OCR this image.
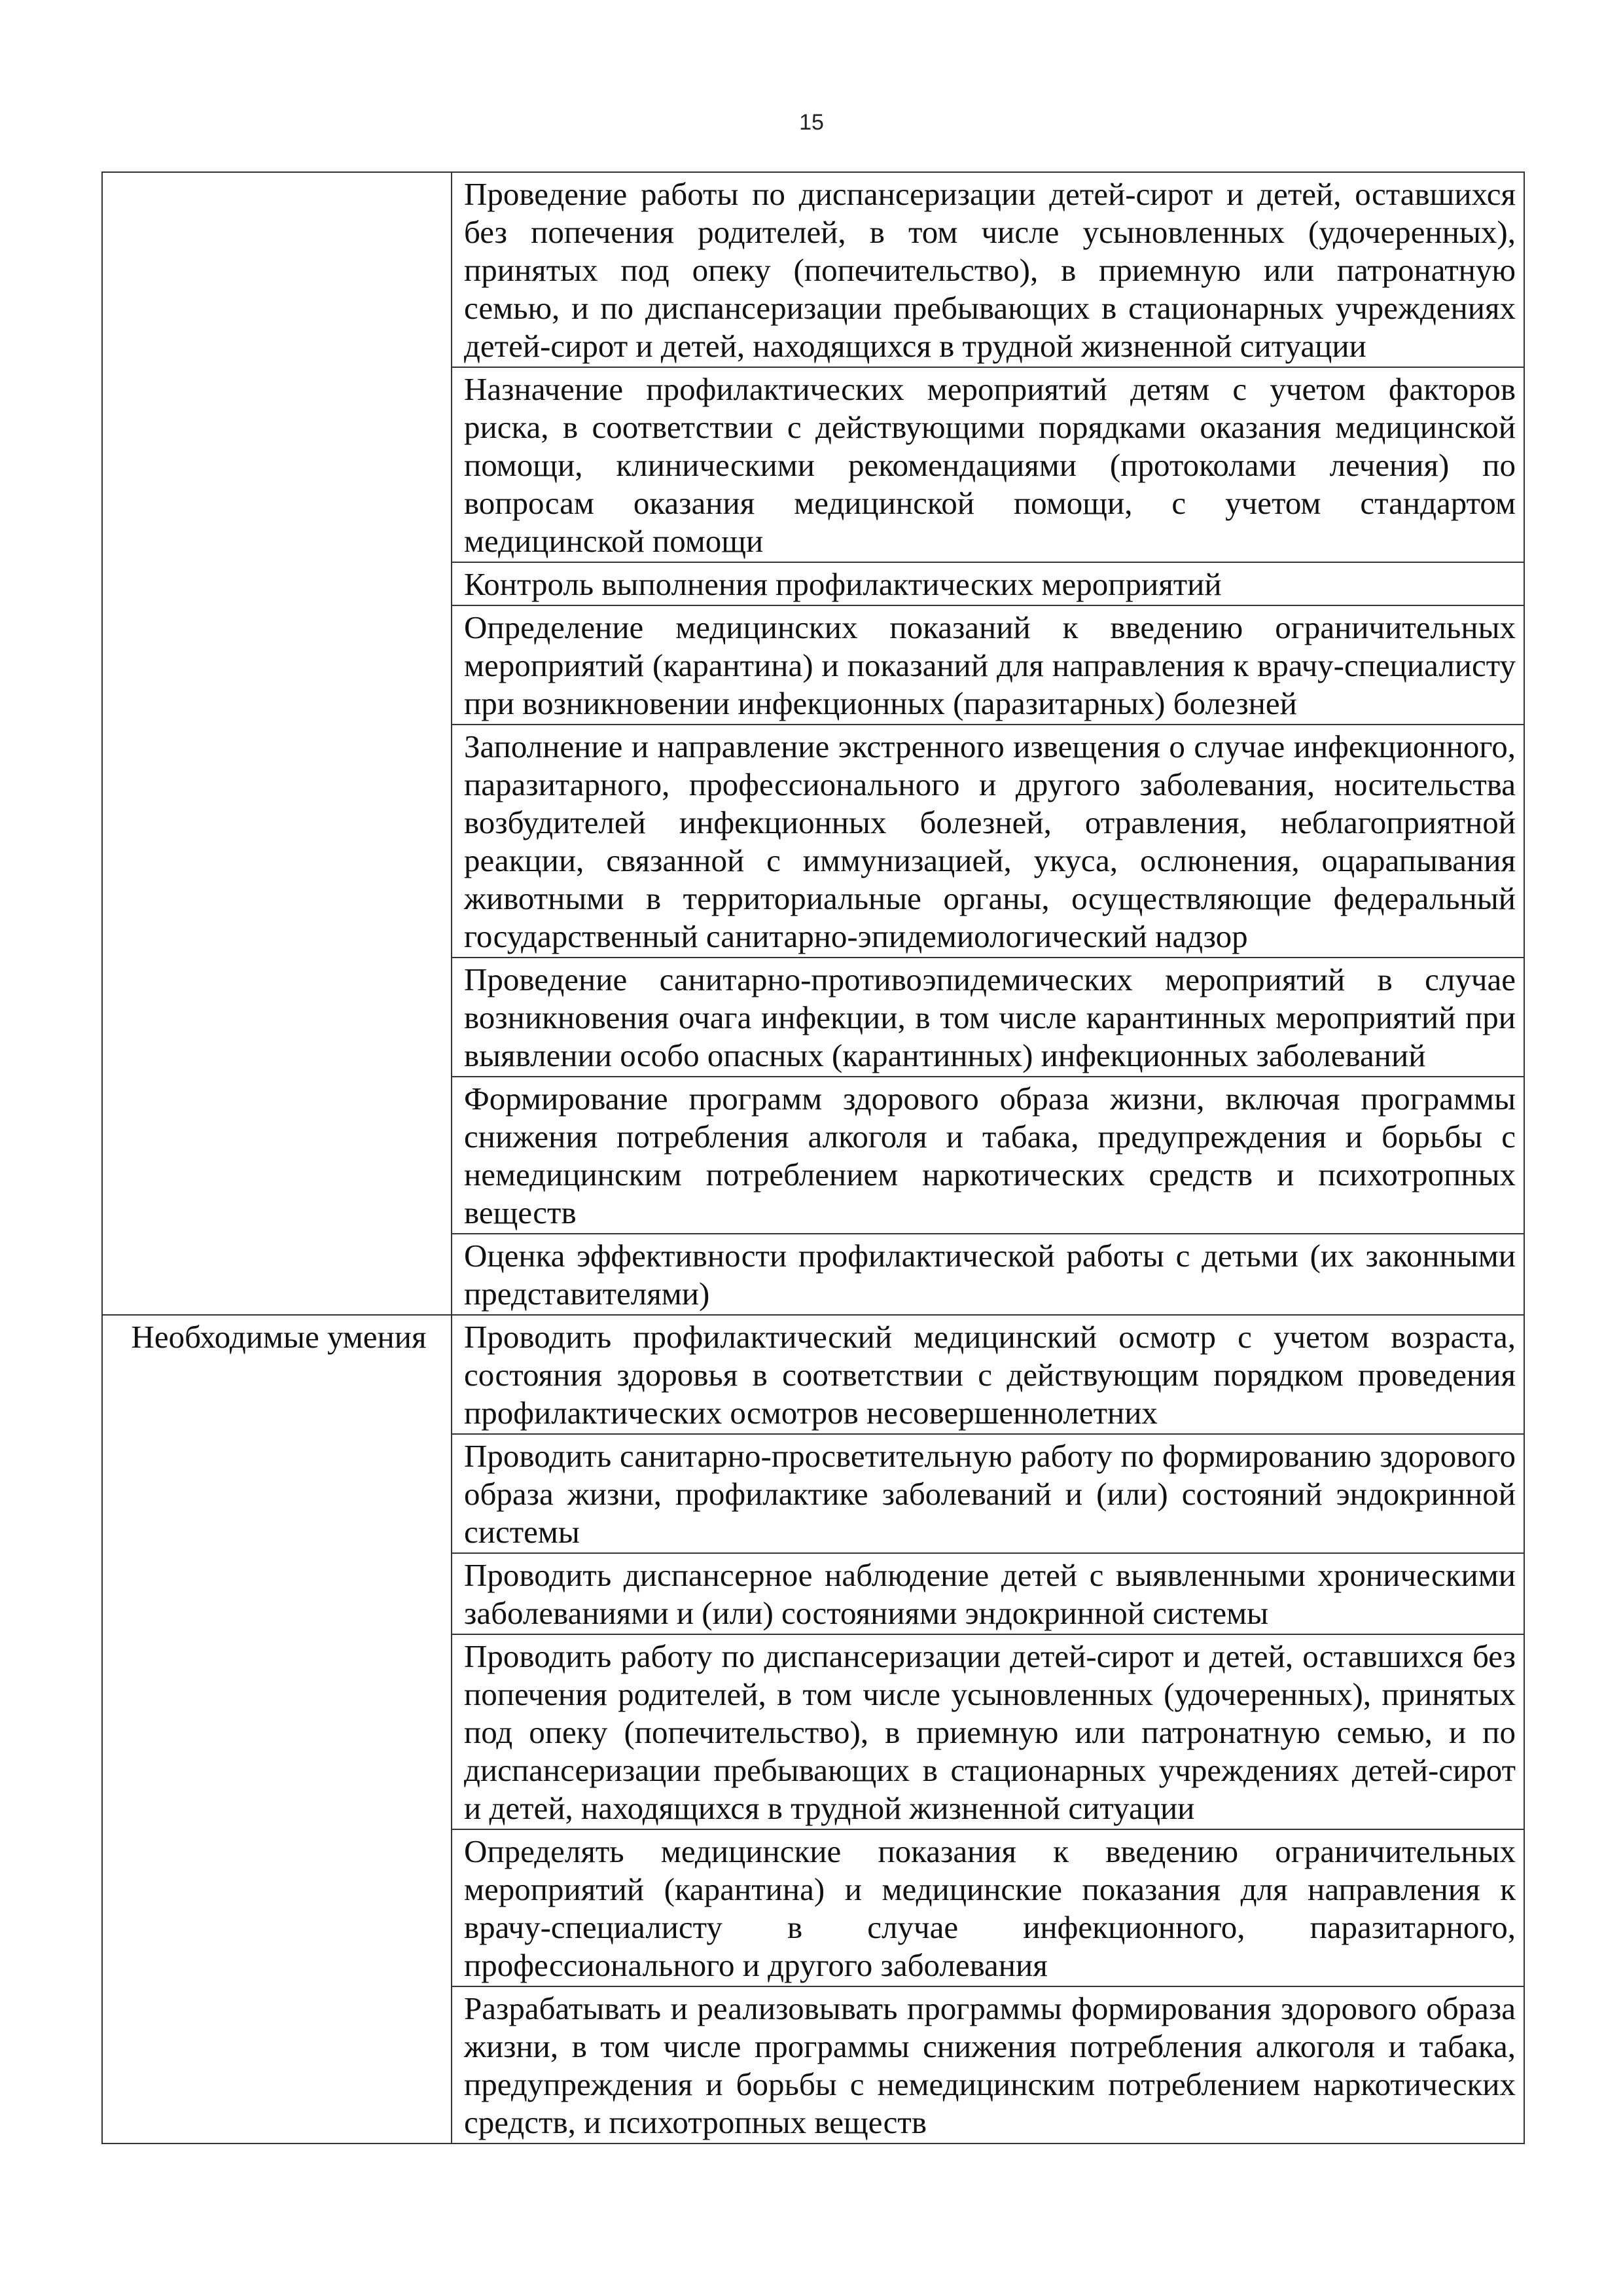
15
	Проведение работы по диспансеризации детей-сирот и детей, оставшихся без попечения родителей, в том числе усыновленных (удочеренных), принятых под опеку (попечительство), в приемную или патронатную семью, и по диспансеризации пребывающих в стационарных учреждениях детей-сирот и детей, находящихся в трудной жизненной ситуации
	Назначение профилактических мероприятий детям с учетом факторов риска, в соответствии с действующими порядками оказания медицинской помощи, клиническими рекомендациями (протоколами лечения) по вопросам оказания медицинской помощи, с учетом стандартом медицинской помощи
	Контроль выполнения профилактических мероприятий
	Определение медицинских показаний к введению ограничительных мероприятий (карантина) и показаний для направления к врачу-специалисту при возникновении инфекционных (паразитарных) болезней
	Заполнение и направление экстренного извещения о случае инфекционного, паразитарного, профессионального и другого заболевания, носительства возбудителей инфекционных болезней, отравления, неблагоприятной реакции, связанной с иммунизацией, укуса, ослюнения, оцарапывания животными в территориальные органы, осуществляющие федеральный государственный санитарно-эпидемиологический надзор
	Проведение санитарно-противоэпидемических мероприятий в случае возникновения очага инфекции, в том числе карантинных мероприятий при выявлении особо опасных (карантинных) инфекционных заболеваний
	Формирование программ здорового образа жизни, включая программы снижения потребления алкоголя и табака, предупреждения и борьбы с немедицинским потреблением наркотических средств и психотропных веществ
	Оценка эффективности профилактической работы с детьми (их законными представителями)
Необходимые умения	Проводить профилактический медицинский осмотр с учетом возраста, состояния здоровья в соответствии с действующим порядком проведения профилактических осмотров несовершеннолетних
	Проводить санитарно-просветительную работу по формированию здорового образа жизни, профилактике заболеваний и (или) состояний эндокринной системы
	Проводить диспансерное наблюдение детей с выявленными хроническими заболеваниями и (или) состояниями эндокринной системы
	Проводить работу по диспансеризации детей-сирот и детей, оставшихся без попечения родителей, в том числе усыновленных (удочеренных), принятых под опеку (попечительство), в приемную или патронатную семью, и по диспансеризации пребывающих в стационарных учреждениях детей-сирот и детей, находящихся в трудной жизненной ситуации
	Определять медицинские показания к введению ограничительных мероприятий (карантина) и медицинские показания для направления к врачу-специалисту в случае инфекционного, паразитарного, профессионального и другого заболевания
	Разрабатывать и реализовывать программы формирования здорового образа жизни, в том числе программы снижения потребления алкоголя и табака, предупреждения и борьбы с немедицинским потреблением наркотических средств, и психотропных веществ
